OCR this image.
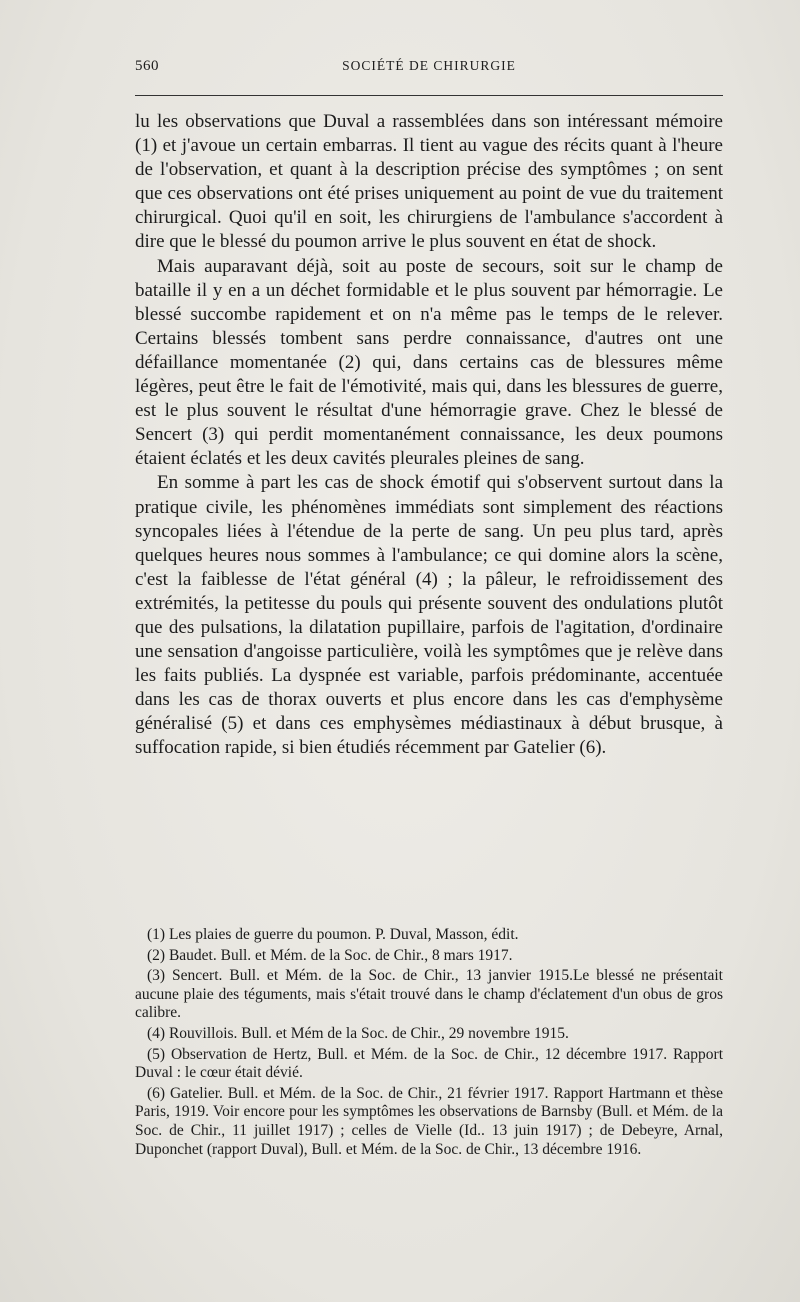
560	SOCIÉTÉ DE CHIRURGIE

lu les observations que Duval a rassemblées dans son intéressant mémoire (1) et j'avoue un certain embarras. Il tient au vague des récits quant à l'heure de l'observation, et quant à la description précise des symptômes ; on sent que ces observations ont été prises uniquement au point de vue du traitement chirurgical. Quoi qu'il en soit, les chirurgiens de l'ambulance s'accordent à dire que le blessé du poumon arrive le plus souvent en état de shock.

Mais auparavant déjà, soit au poste de secours, soit sur le champ de bataille il y en a un déchet formidable et le plus souvent par hémorragie. Le blessé succombe rapidement et on n'a même pas le temps de le relever. Certains blessés tombent sans perdre connaissance, d'autres ont une défaillance momentanée (2) qui, dans certains cas de blessures même légères, peut être le fait de l'émotivité, mais qui, dans les blessures de guerre, est le plus souvent le résultat d'une hémorragie grave. Chez le blessé de Sencert (3) qui perdit momentanément connaissance, les deux poumons étaient éclatés et les deux cavités pleurales pleines de sang.

En somme à part les cas de shock émotif qui s'observent surtout dans la pratique civile, les phénomènes immédiats sont simplement des réactions syncopales liées à l'étendue de la perte de sang. Un peu plus tard, après quelques heures nous sommes à l'ambulance; ce qui domine alors la scène, c'est la faiblesse de l'état général (4) ; la pâleur, le refroidissement des extrémités, la petitesse du pouls qui présente souvent des ondulations plutôt que des pulsations, la dilatation pupillaire, parfois de l'agitation, d'ordinaire une sensation d'angoisse particulière, voilà les symptômes que je relève dans les faits publiés. La dyspnée est variable, parfois prédominante, accentuée dans les cas de thorax ouverts et plus encore dans les cas d'emphysème généralisé (5) et dans ces emphysèmes médiastinaux à début brusque, à suffocation rapide, si bien étudiés récemment par Gatelier (6).

(1) Les plaies de guerre du poumon. P. Duval, Masson, édit.

(2) Baudet. Bull. et Mém. de la Soc. de Chir., 8 mars 1917.

(3) Sencert. Bull. et Mém. de la Soc. de Chir., 13 janvier 1915.Le blessé ne présentait aucune plaie des téguments, mais s'était trouvé dans le champ d'éclatement d'un obus de gros calibre.

(4) Rouvillois. Bull. et Mém de la Soc. de Chir., 29 novembre 1915.

(5) Observation de Hertz, Bull. et Mém. de la Soc. de Chir., 12 décembre 1917. Rapport Duval : le cœur était dévié.

(6) Gatelier. Bull. et Mém. de la Soc. de Chir., 21 février 1917. Rapport Hartmann et thèse Paris, 1919. Voir encore pour les symptômes les observations de Barnsby (Bull. et Mém. de la Soc. de Chir., 11 juillet 1917) ; celles de Vielle (Id.. 13 juin 1917) ; de Debeyre, Arnal, Duponchet (rapport Duval), Bull. et Mém. de la Soc. de Chir., 13 décembre 1916.
